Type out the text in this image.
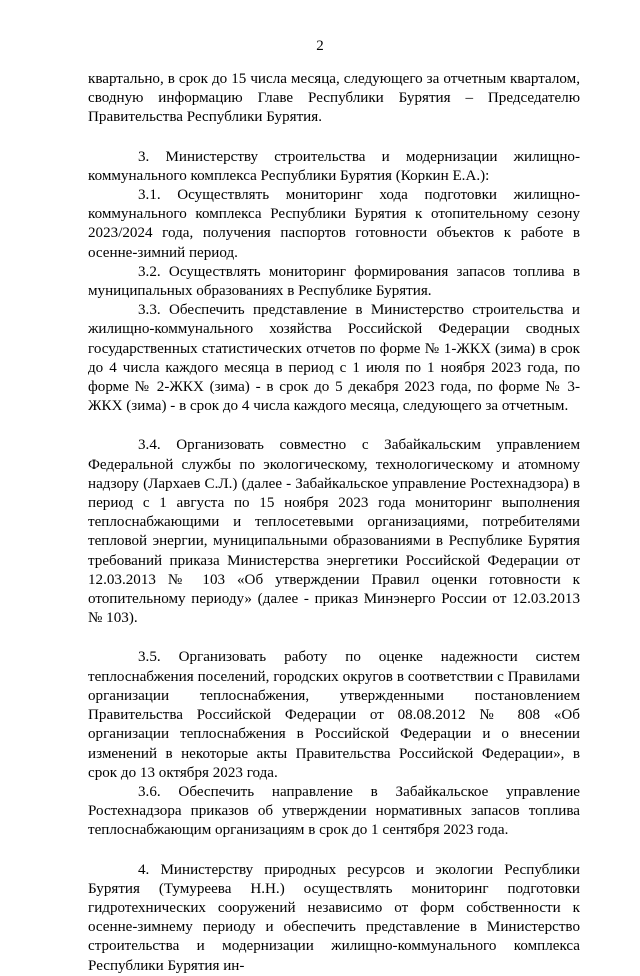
2

квартально, в срок до 15 числа месяца, следующего за отчетным кварталом, сводную информацию Главе Республики Бурятия – Председателю Правительства Республики Бурятия.

3. Министерству строительства и модернизации жилищно-коммунального комплекса Республики Бурятия (Коркин Е.А.):

3.1. Осуществлять мониторинг хода подготовки жилищно-коммунального комплекса Республики Бурятия к отопительному сезону 2023/2024 года, получения паспортов готовности объектов к работе в осенне-зимний период.

3.2. Осуществлять мониторинг формирования запасов топлива в муниципальных образованиях в Республике Бурятия.

3.3. Обеспечить представление в Министерство строительства и жилищно-коммунального хозяйства Российской Федерации сводных государственных статистических отчетов по форме № 1-ЖКХ (зима) в срок до 4 числа каждого месяца в период с 1 июля по 1 ноября 2023 года, по форме № 2-ЖКХ (зима) - в срок до 5 декабря 2023 года, по форме № 3-ЖКХ (зима) - в срок до 4 числа каждого месяца, следующего за отчетным.

3.4. Организовать совместно с Забайкальским управлением Федеральной службы по экологическому, технологическому и атомному надзору (Лархаев С.Л.) (далее - Забайкальское управление Ростехнадзора) в период с 1 августа по 15 ноября 2023 года мониторинг выполнения теплоснабжающими и теплосетевыми организациями, потребителями тепловой энергии, муниципальными образованиями в Республике Бурятия требований приказа Министерства энергетики Российской Федерации от 12.03.2013 № 103 «Об утверждении Правил оценки готовности к отопительному периоду» (далее - приказ Минэнерго России от 12.03.2013 № 103).

3.5. Организовать работу по оценке надежности систем теплоснабжения поселений, городских округов в соответствии с Правилами организации теплоснабжения, утвержденными постановлением Правительства Российской Федерации от 08.08.2012 № 808 «Об организации теплоснабжения в Российской Федерации и о внесении изменений в некоторые акты Правительства Российской Федерации», в срок до 13 октября 2023 года.

3.6. Обеспечить направление в Забайкальское управление Ростехнадзора приказов об утверждении нормативных запасов топлива теплоснабжающим организациям в срок до 1 сентября 2023 года.

4. Министерству природных ресурсов и экологии Республики Бурятия (Тумуреева Н.Н.) осуществлять мониторинг подготовки гидротехнических сооружений независимо от форм собственности к осенне-зимнему периоду и обеспечить представление в Министерство строительства и модернизации жилищно-коммунального комплекса Республики Бурятия ин-
